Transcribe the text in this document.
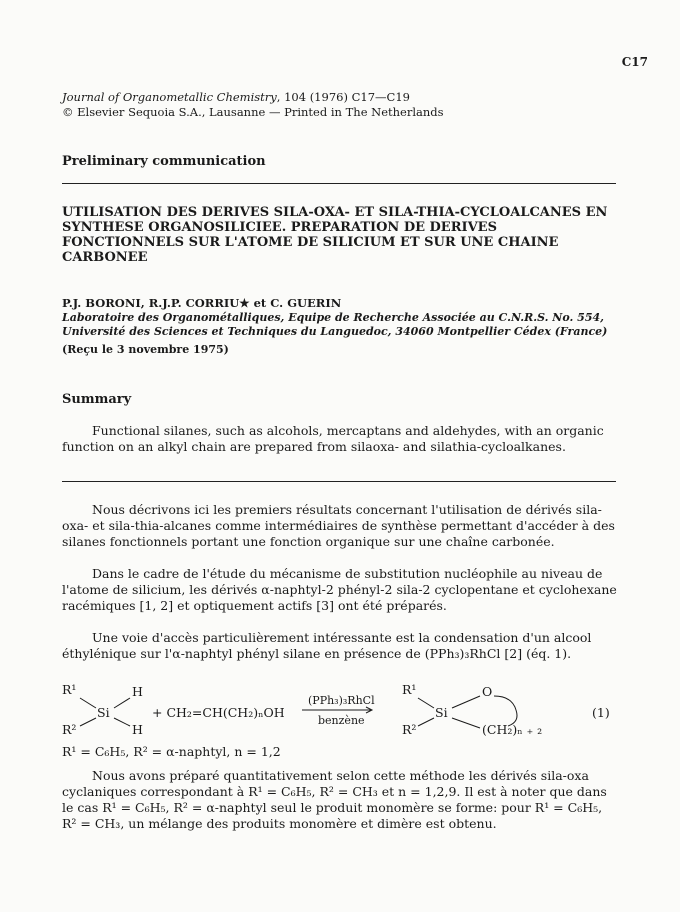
C17
Journal of Organometallic Chemistry, 104 (1976) C17—C19
© Elsevier Sequoia S.A., Lausanne — Printed in The Netherlands
Preliminary communication
UTILISATION DES DERIVES SILA-OXA- ET SILA-THIA-CYCLOALCANES EN SYNTHESE ORGANOSILICIEE. PREPARATION DE DERIVES FONCTIONNELS SUR L'ATOME DE SILICIUM ET SUR UNE CHAINE CARBONEE
P.J. BORONI, R.J.P. CORRIU★ et C. GUERIN
Laboratoire des Organométalliques, Equipe de Recherche Associée au C.N.R.S. No. 554, Université des Sciences et Techniques du Languedoc, 34060 Montpellier Cédex (France)
(Reçu le 3 novembre 1975)
Summary

Functional silanes, such as alcohols, mercaptans and aldehydes, with an organic function on an alkyl chain are prepared from silaoxa- and silathia-cycloalkanes.

Nous décrivons ici les premiers résultats concernant l'utilisation de dérivés sila-oxa- et sila-thia-alcanes comme intermédiaires de synthèse permettant d'accéder à des silanes fonctionnels portant une fonction organique sur une chaîne carbonée.

Dans le cadre de l'étude du mécanisme de substitution nucléophile au niveau de l'atome de silicium, les dérivés α-naphtyl-2 phényl-2 sila-2 cyclopentane et cyclohexane racémiques [1, 2] et optiquement actifs [3] ont été préparés.

Une voie d'accès particulièrement intéressante est la condensation d'un alcool éthylénique sur l'α-naphtyl phényl silane en présence de (PPh₃)₃RhCl [2] (éq. 1).

R¹
R²
Si
H
H
+ CH₂=CH(CH₂)ₙOH
(PPh₃)₃RhCl
benzène
R¹
R²
Si
O
(CH₂)ₙ ₊ ₂
(1)
R¹ = C₆H₅, R² = α-naphtyl, n = 1,2

Nous avons préparé quantitativement selon cette méthode les dérivés sila-oxa cyclaniques correspondant à R¹ = C₆H₅, R² = CH₃ et n = 1,2,9. Il est à noter que dans le cas R¹ = C₆H₅, R² = α-naphtyl seul le produit monomère se forme: pour R¹ = C₆H₅, R² = CH₃, un mélange des produits monomère et dimère est obtenu.
